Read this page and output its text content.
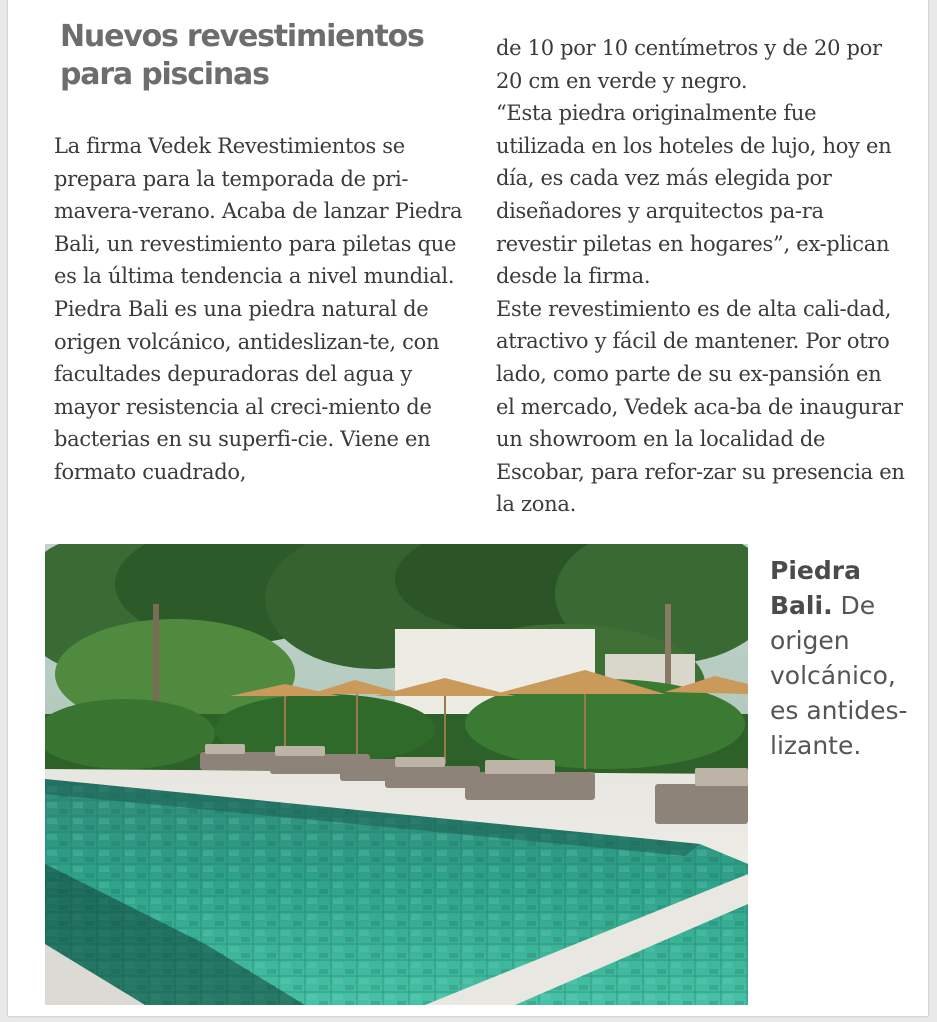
Nuevos revestimientos para piscinas

La firma Vedek Revestimientos se prepara para la temporada de pri-mavera-verano. Acaba de lanzar Piedra Bali, un revestimiento para piletas que es la última tendencia a nivel mundial.

Piedra Bali es una piedra natural de origen volcánico, antideslizan-te, con facultades depuradoras del agua y mayor resistencia al creci-miento de bacterias en su superfi-cie. Viene en formato cuadrado,

de 10 por 10 centímetros y de 20 por 20 cm en verde y negro.

“Esta piedra originalmente fue utilizada en los hoteles de lujo, hoy en día, es cada vez más elegida por diseñadores y arquitectos pa-ra revestir piletas en hogares”, ex-plican desde la firma.

Este revestimiento es de alta cali-dad, atractivo y fácil de mantener. Por otro lado, como parte de su ex-pansión en el mercado, Vedek aca-ba de inaugurar un showroom en la localidad de Escobar, para refor-zar su presencia en la zona.

Piedra Bali. De origen volcánico, es antides-lizante.
